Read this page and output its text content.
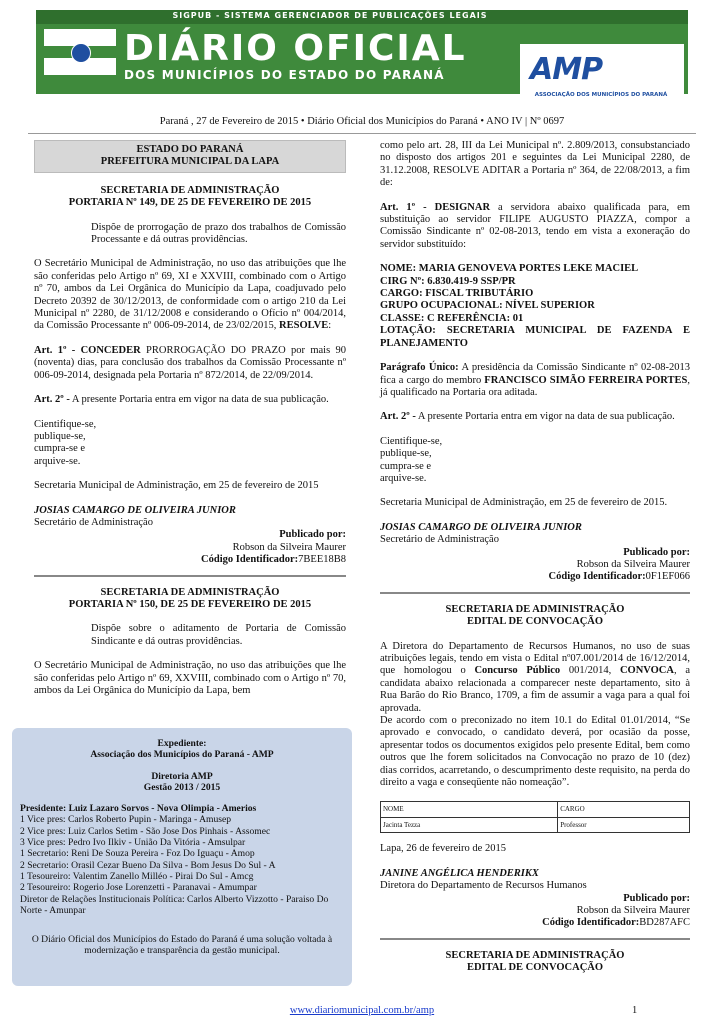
SIGPUB - SISTEMA GERENCIADOR DE PUBLICAÇÕES LEGAIS
DIÁRIO OFICIAL
DOS MUNICÍPIOS DO ESTADO DO PARANÁ	AMP
ASSOCIAÇÃO DOS MUNICÍPIOS DO PARANÁ
Paraná , 27 de Fevereiro de 2015 • Diário Oficial dos Municípios do Paraná • ANO IV | Nº 0697
ESTADO DO PARANÁ
PREFEITURA MUNICIPAL DA LAPA

SECRETARIA DE ADMINISTRAÇÃO

PORTARIA Nº 149, DE 25 DE FEVEREIRO DE 2015

Dispõe de prorrogação de prazo dos trabalhos de Comissão Processante e dá outras providências.

O Secretário Municipal de Administração, no uso das atribuições que lhe são conferidas pelo Artigo nº 69, XI e XXVIII, combinado com o Artigo nº 70, ambos da Lei Orgânica do Município da Lapa, coadjuvado pelo Decreto 20392 de 30/12/2013, de conformidade com o artigo 210 da Lei Municipal nº 2280, de 31/12/2008 e considerando o Ofício nº 004/2014, da Comissão Processante nº 006-09-2014, de 23/02/2015, RESOLVE:

Art. 1º - CONCEDER PRORROGAÇÃO DO PRAZO por mais 90 (noventa) dias, para conclusão dos trabalhos da Comissão Processante nº 006-09-2014, designada pela Portaria nº 872/2014, de 22/09/2014.

Art. 2º - A presente Portaria entra em vigor na data de sua publicação.

Cientifique-se,

publique-se,

cumpra-se e

arquive-se.

Secretaria Municipal de Administração, em 25 de fevereiro de 2015

JOSIAS CAMARGO DE OLIVEIRA JUNIOR

Secretário de Administração

Publicado por:

Robson da Silveira Maurer

Código Identificador:7BEE18B8

SECRETARIA DE ADMINISTRAÇÃO

PORTARIA Nº 150, DE 25 DE FEVEREIRO DE 2015

Dispõe sobre o aditamento de Portaria de Comissão Sindicante e dá outras providências.

O Secretário Municipal de Administração, no uso das atribuições que lhe são conferidas pelo Artigo nº 69, XXVIII, combinado com o Artigo nº 70, ambos da Lei Orgânica do Município da Lapa, bem

Expediente:
Associação dos Municípios do Paraná - AMP
Diretoria AMP
Gestão 2013 / 2015
Presidente: Luiz Lazaro Sorvos - Nova Olimpia - Amerios
1 Vice pres: Carlos Roberto Pupin - Maringa - Amusep
2 Vice pres: Luiz Carlos Setim - São Jose Dos Pinhais - Assomec
3 Vice pres: Pedro Ivo Ilkiv - União Da Vitória - Amsulpar
1 Secretario: Reni De Souza Pereira - Foz Do Iguaçu - Amop
2 Secretario: Orasil Cezar Bueno Da Silva - Bom Jesus Do Sul - A
1 Tesoureiro: Valentim Zanello Milléo - Pirai Do Sul - Amcg
2 Tesoureiro: Rogerio Jose Lorenzetti - Paranavai - Amumpar
Diretor de Relações Institucionais Política: Carlos Alberto Vizzotto - Paraiso Do Norte - Amunpar
O Diário Oficial dos Municípios do Estado do Paraná é uma solução voltada à modernização e transparência da gestão municipal.

como pelo art. 28, III da Lei Municipal nº. 2.809/2013, consubstanciado no disposto dos artigos 201 e seguintes da Lei Municipal 2280, de 31.12.2008, RESOLVE ADITAR a Portaria nº 364, de 22/08/2013, a fim de:

Art. 1º - DESIGNAR a servidora abaixo qualificada para, em substituição ao servidor FILIPE AUGUSTO PIAZZA, compor a Comissão Sindicante nº 02-08-2013, tendo em vista a exoneração do servidor substituído:

NOME: MARIA GENOVEVA PORTES LEKE MACIEL

CIRG Nº: 6.830.419-9 SSP/PR

CARGO: FISCAL TRIBUTÁRIO

GRUPO OCUPACIONAL: NÍVEL SUPERIOR

CLASSE: C REFERÊNCIA: 01

LOTAÇÃO: SECRETARIA MUNICIPAL DE FAZENDA E PLANEJAMENTO

Parágrafo Único: A presidência da Comissão Sindicante nº 02-08-2013 fica a cargo do membro FRANCISCO SIMÃO FERREIRA PORTES, já qualificado na Portaria ora aditada.

Art. 2º - A presente Portaria entra em vigor na data de sua publicação.

Cientifique-se,

publique-se,

cumpra-se e

arquive-se.

Secretaria Municipal de Administração, em 25 de fevereiro de 2015.

JOSIAS CAMARGO DE OLIVEIRA JUNIOR

Secretário de Administração

Publicado por:

Robson da Silveira Maurer

Código Identificador:0F1EF066

SECRETARIA DE ADMINISTRAÇÃO

EDITAL DE CONVOCAÇÃO

A Diretora do Departamento de Recursos Humanos, no uso de suas atribuições legais, tendo em vista o Edital nº07.001/2014 de 16/12/2014, que homologou o Concurso Público 001/2014, CONVOCA, a candidata abaixo relacionada a comparecer neste departamento, sito à Rua Barão do Rio Branco, 1709, a fim de assumir a vaga para a qual foi aprovada.

De acordo com o preconizado no item 10.1 do Edital 01.01/2014, “Se aprovado e convocado, o candidato deverá, por ocasião da posse, apresentar todos os documentos exigidos pelo presente Edital, bem como outros que lhe forem solicitados na Convocação no prazo de 10 (dez) dias corridos, acarretando, o descumprimento deste requisito, na perda do direito a vaga e conseqüente não nomeação”.

NOME	CARGO
Jacinta Tezza	Professor

Lapa, 26 de fevereiro de 2015

JANINE ANGÉLICA HENDERIKX

Diretora do Departamento de Recursos Humanos

Publicado por:

Robson da Silveira Maurer

Código Identificador:BD287AFC

SECRETARIA DE ADMINISTRAÇÃO

EDITAL DE CONVOCAÇÃO

www.diariomunicipal.com.br/amp	1
